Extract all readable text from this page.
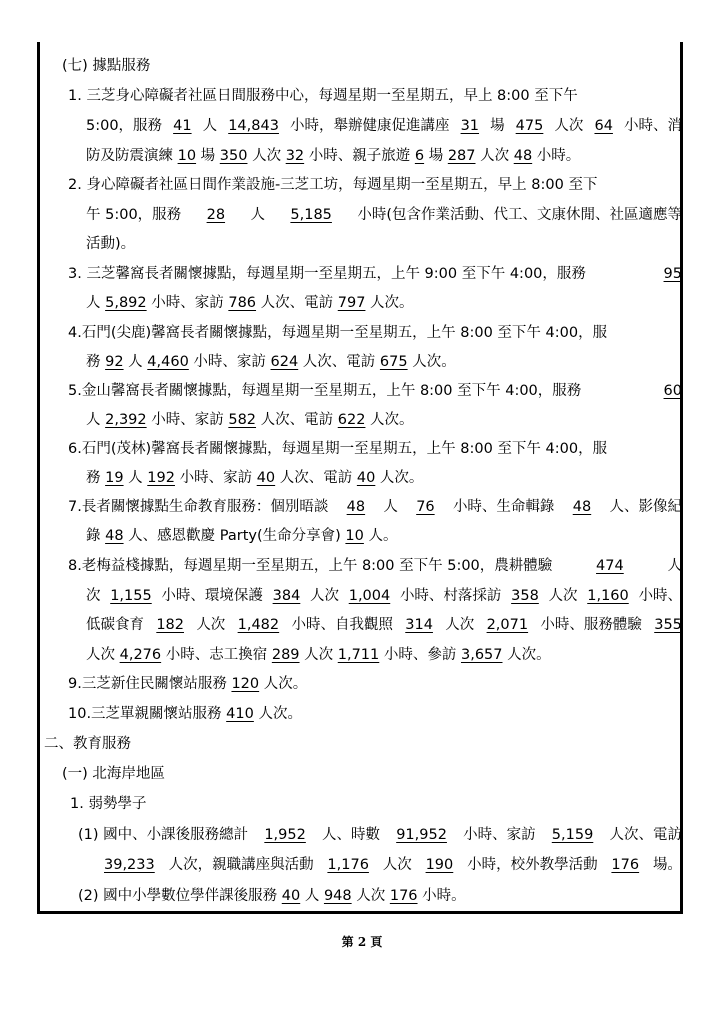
(七) 據點服務
1. 三芝身心障礙者社區日間服務中心，每週星期一至星期五，早上 8:00 至下午
5:00，服務 41 人 14,843 小時，舉辦健康促進講座 31 場 475 人次 64 小時、消
防及防震演練 10 場 350 人次 32 小時、親子旅遊 6 場 287 人次 48 小時。
2. 身心障礙者社區日間作業設施-三芝工坊，每週星期一至星期五，早上 8:00 至下
午 5:00，服務 28 人 5,185 小時(包含作業活動、代工、文康休閒、社區適應等
活動)。
3. 三芝馨窩長者關懷據點，每週星期一至星期五，上午 9:00 至下午 4:00，服務	95
人 5,892 小時、家訪 786 人次、電訪 797 人次。
4.石門(尖鹿)馨窩長者關懷據點，每週星期一至星期五，上午 8:00 至下午 4:00，服
務 92 人 4,460 小時、家訪 624 人次、電訪 675 人次。
5.金山馨窩長者關懷據點，每週星期一至星期五，上午 8:00 至下午 4:00，服務	60
人 2,392 小時、家訪 582 人次、電訪 622 人次。
6.石門(茂林)馨窩長者關懷據點，每週星期一至星期五，上午 8:00 至下午 4:00，服
務 19 人 192 小時、家訪 40 人次、電訪 40 人次。
7.長者關懷據點生命教育服務：個別晤談 48 人 76 小時、生命輯錄 48 人、影像紀
錄 48 人、感恩歡慶 Party(生命分享會) 10 人。
8.老梅益棧據點，每週星期一至星期五，上午 8:00 至下午 5:00，農耕體驗	474	人
次 1,155 小時、環境保護 384 人次 1,004 小時、村落採訪 358 人次 1,160 小時、
低碳食育 182 人次 1,482 小時、自我觀照 314 人次 2,071 小時、服務體驗 355
人次 4,276 小時、志工換宿 289 人次 1,711 小時、參訪 3,657 人次。
9.三芝新住民關懷站服務 120 人次。
10.三芝單親關懷站服務 410 人次。
二、教育服務
(一) 北海岸地區
1. 弱勢學子
(1) 國中、小課後服務總計 1,952 人、時數 91,952 小時、家訪 5,159 人次、電訪
39,233 人次，親職講座與活動 1,176 人次 190 小時，校外教學活動 176 場。
(2) 國中小學數位學伴課後服務 40 人 948 人次 176 小時。
第 2 頁
